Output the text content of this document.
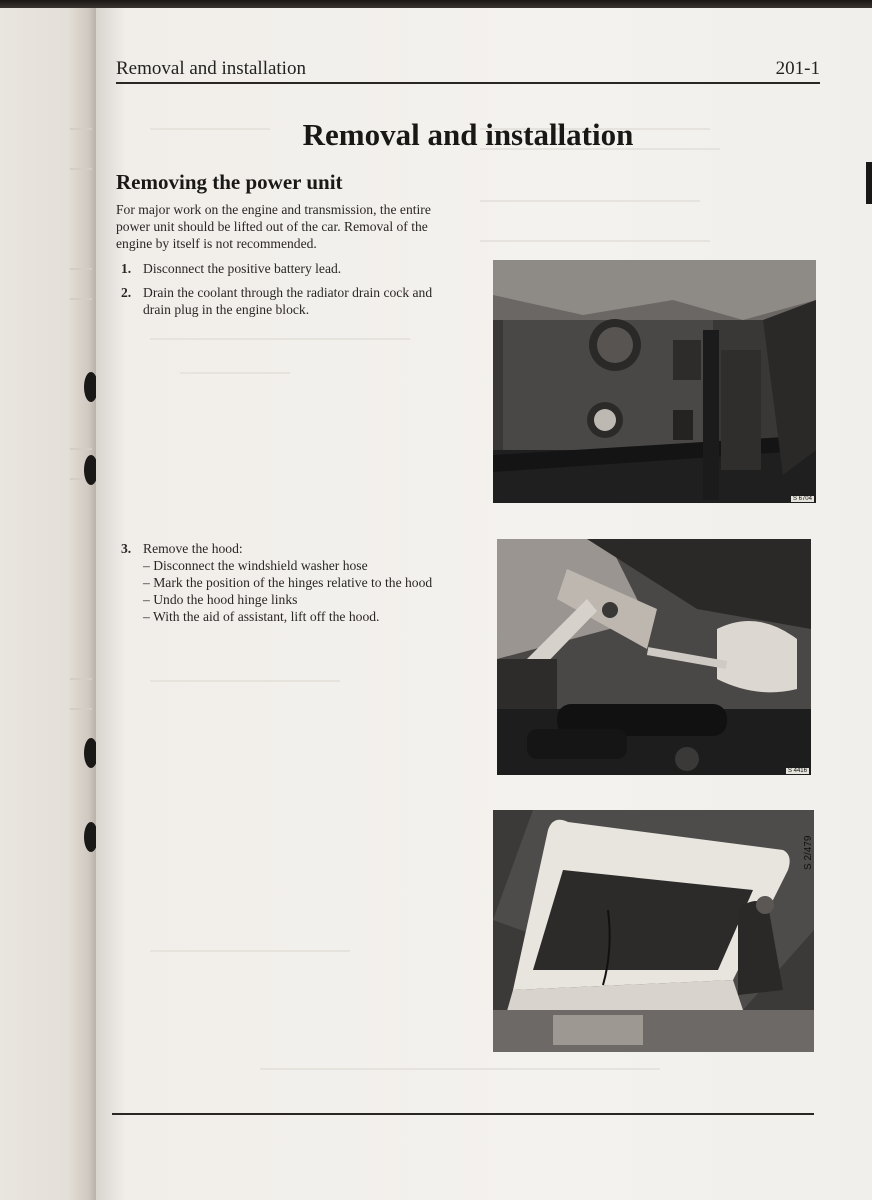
Removal and installation	201-1
Removal and installation
Removing the power unit

For major work on the engine and transmission, the entire power unit should be lifted out of the car. Removal of the engine by itself is not recommended.

1. Disconnect the positive battery lead.
2. Drain the coolant through the radiator drain cock and drain plug in the engine block.
3. Remove the hood:
– Disconnect the windshield washer hose
– Mark the position of the hinges relative to the hood
– Undo the hood hinge links
– With the aid of assistant, lift off the hood.
S 6704
S 4416
S 2/479
